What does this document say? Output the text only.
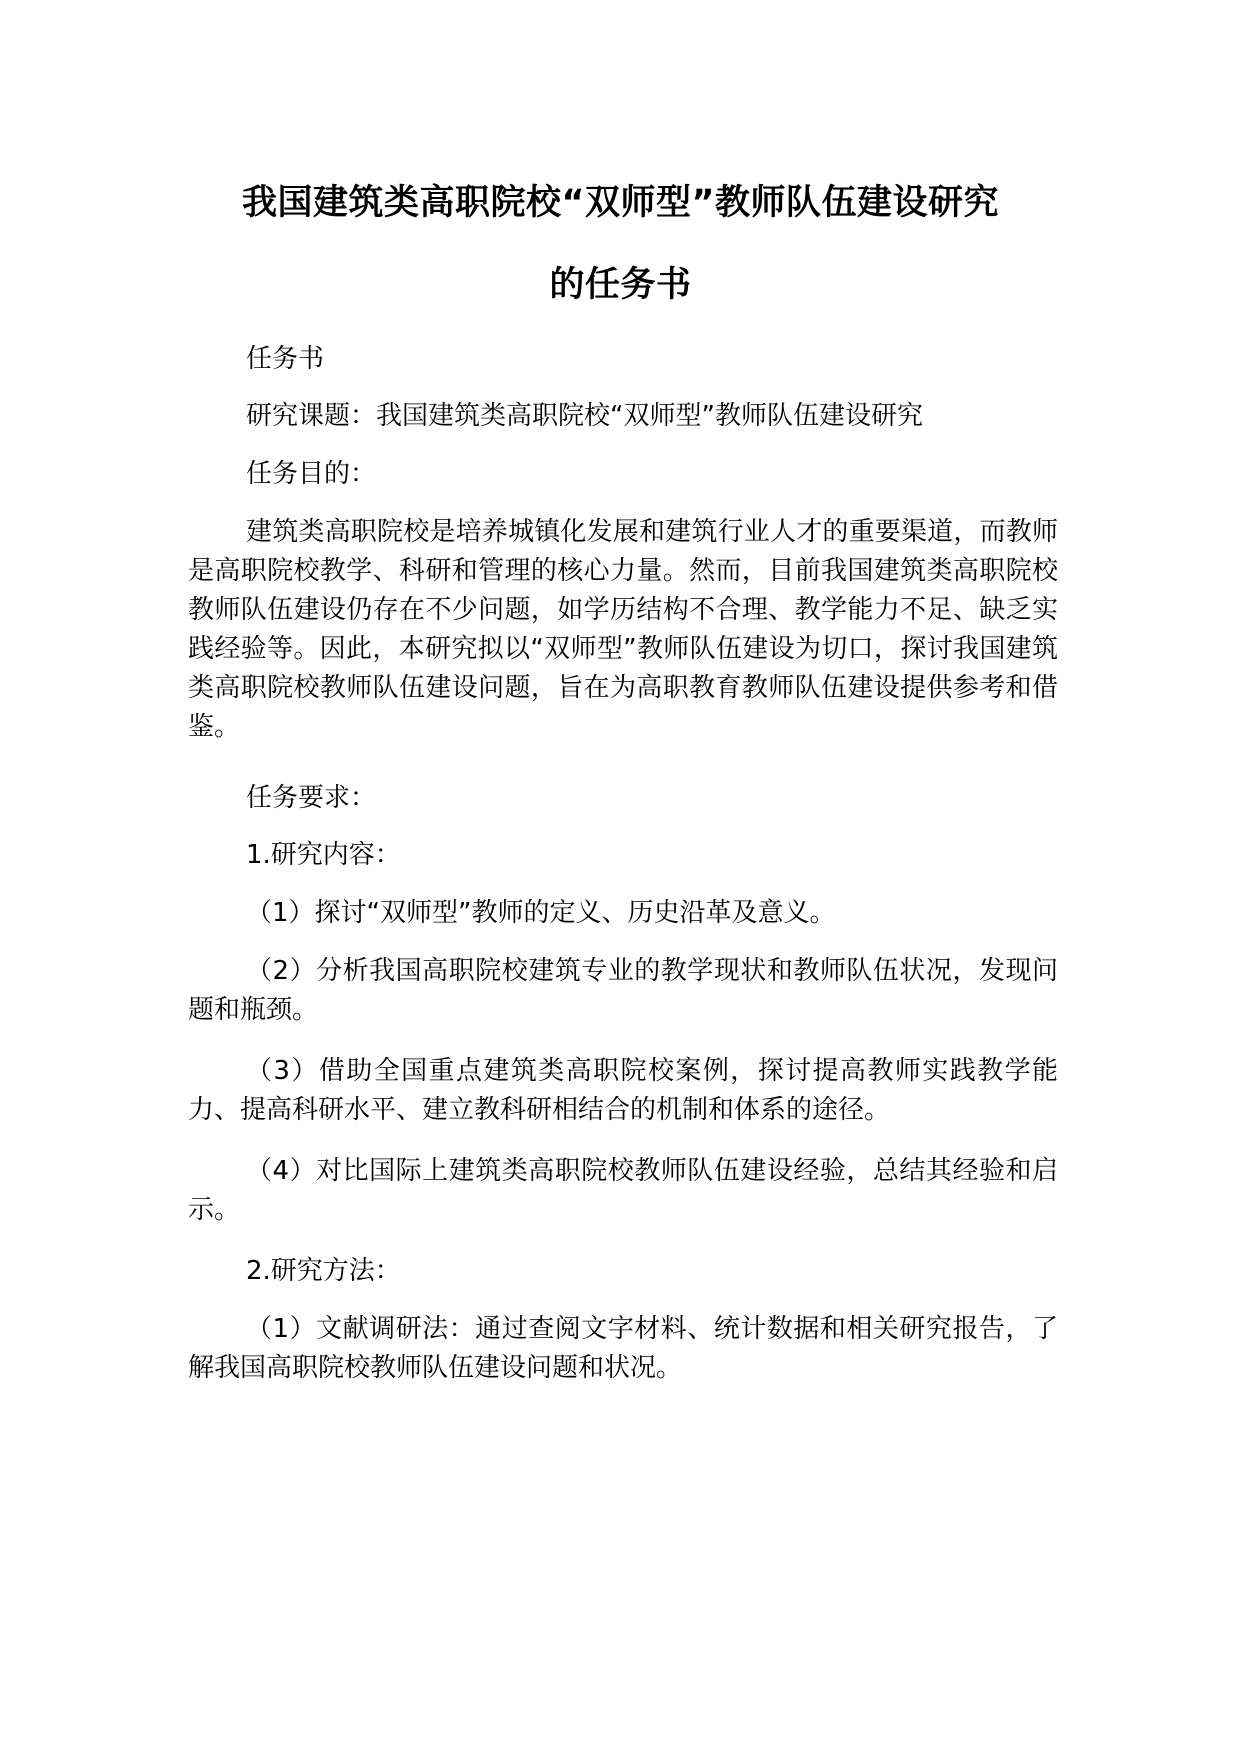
我国建筑类高职院校“双师型”教师队伍建设研究
的任务书
任务书
研究课题：我国建筑类高职院校“双师型”教师队伍建设研究
任务目的：
建筑类高职院校是培养城镇化发展和建筑行业人才的重要渠道，而教师是高职院校教学、科研和管理的核心力量。然而，目前我国建筑类高职院校教师队伍建设仍存在不少问题，如学历结构不合理、教学能力不足、缺乏实践经验等。因此，本研究拟以“双师型”教师队伍建设为切口，探讨我国建筑类高职院校教师队伍建设问题，旨在为高职教育教师队伍建设提供参考和借鉴。
任务要求：
1.研究内容：
（1）探讨“双师型”教师的定义、历史沿革及意义。
（2）分析我国高职院校建筑专业的教学现状和教师队伍状况，发现问题和瓶颈。
（3）借助全国重点建筑类高职院校案例，探讨提高教师实践教学能力、提高科研水平、建立教科研相结合的机制和体系的途径。
（4）对比国际上建筑类高职院校教师队伍建设经验，总结其经验和启示。
2.研究方法：
（1）文献调研法：通过查阅文字材料、统计数据和相关研究报告，了解我国高职院校教师队伍建设问题和状况。
